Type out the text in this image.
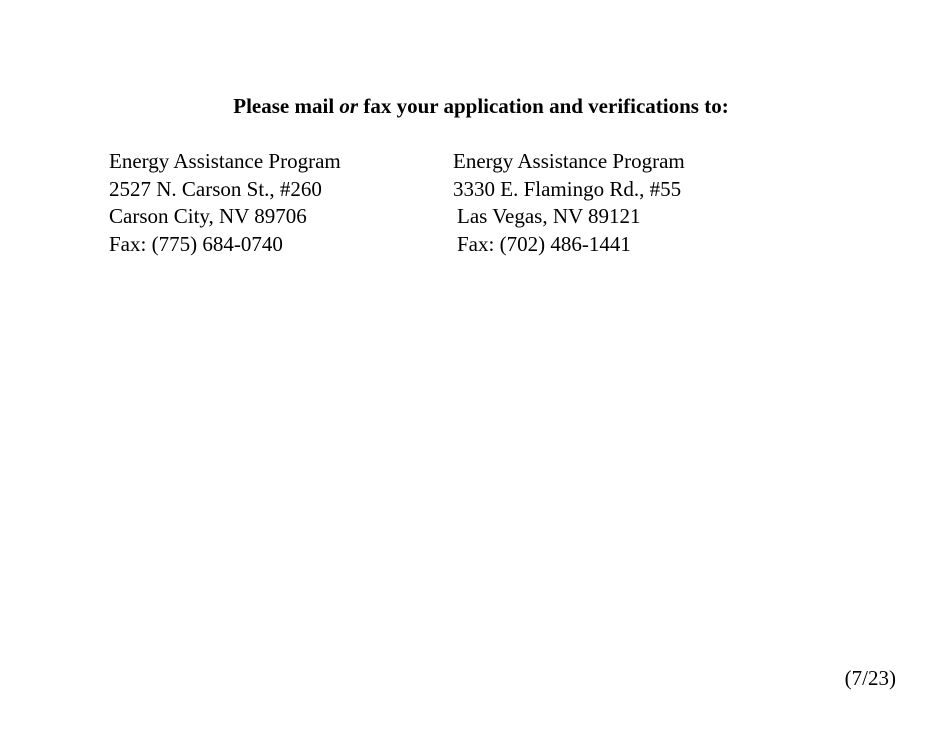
Please mail or fax your application and verifications to:
Energy Assistance Program
2527 N. Carson St., #260
Carson City, NV 89706
Fax: (775) 684-0740
Energy Assistance Program
3330 E. Flamingo Rd., #55
Las Vegas, NV 89121
Fax: (702) 486-1441
(7/23)
